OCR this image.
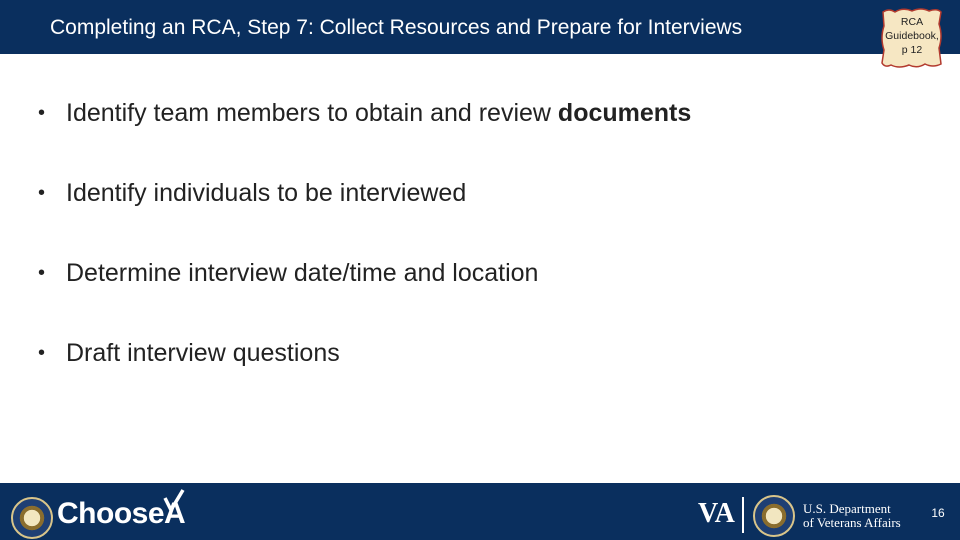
Completing an RCA, Step 7: Collect Resources and Prepare for Interviews	RCA
Guidebook,
p 12
• Identify team members to obtain and review documents
• Identify individuals to be interviewed
• Determine interview date/time and location
• Draft interview questions
ChooseA	VA	U.S. Department
of Veterans Affairs
16
